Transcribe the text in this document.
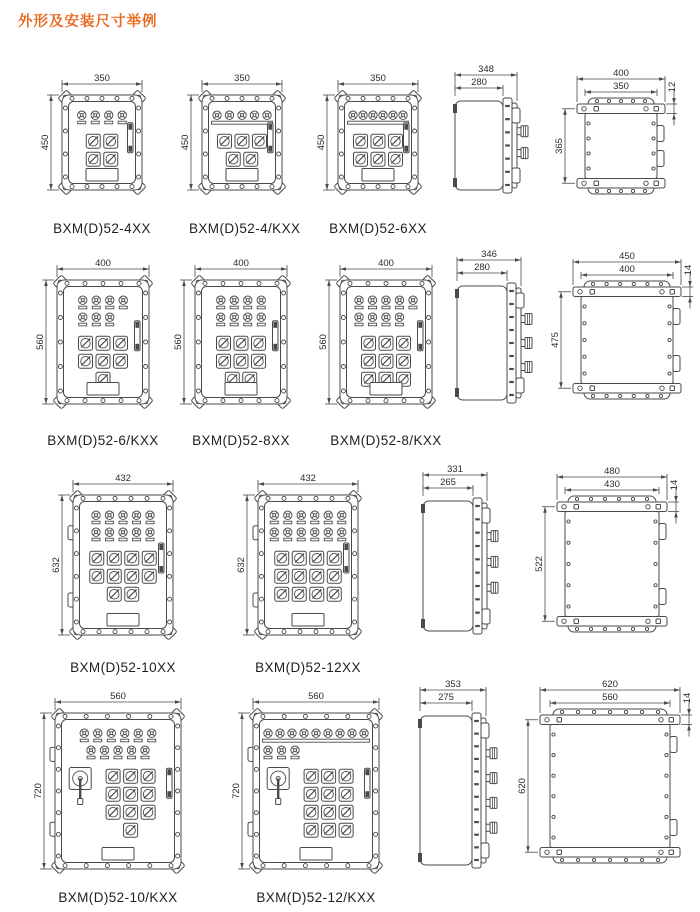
外形及安装尺寸举例
350
450
BXM(D)52-4XX
350
450
BXM(D)52-4/KXX
350
450
BXM(D)52-6XX
348
280
400
350
365
12
400
560
BXM(D)52-6/KXX
400
560
BXM(D)52-8XX
400
560
BXM(D)52-8/KXX
346
280
450
400
475
14
432
632
BXM(D)52-10XX
432
632
BXM(D)52-12XX
331
265
480
430
522
14
560
720
BXM(D)52-10/KXX
560
720
BXM(D)52-12/KXX
353
275
620
560
620
14
